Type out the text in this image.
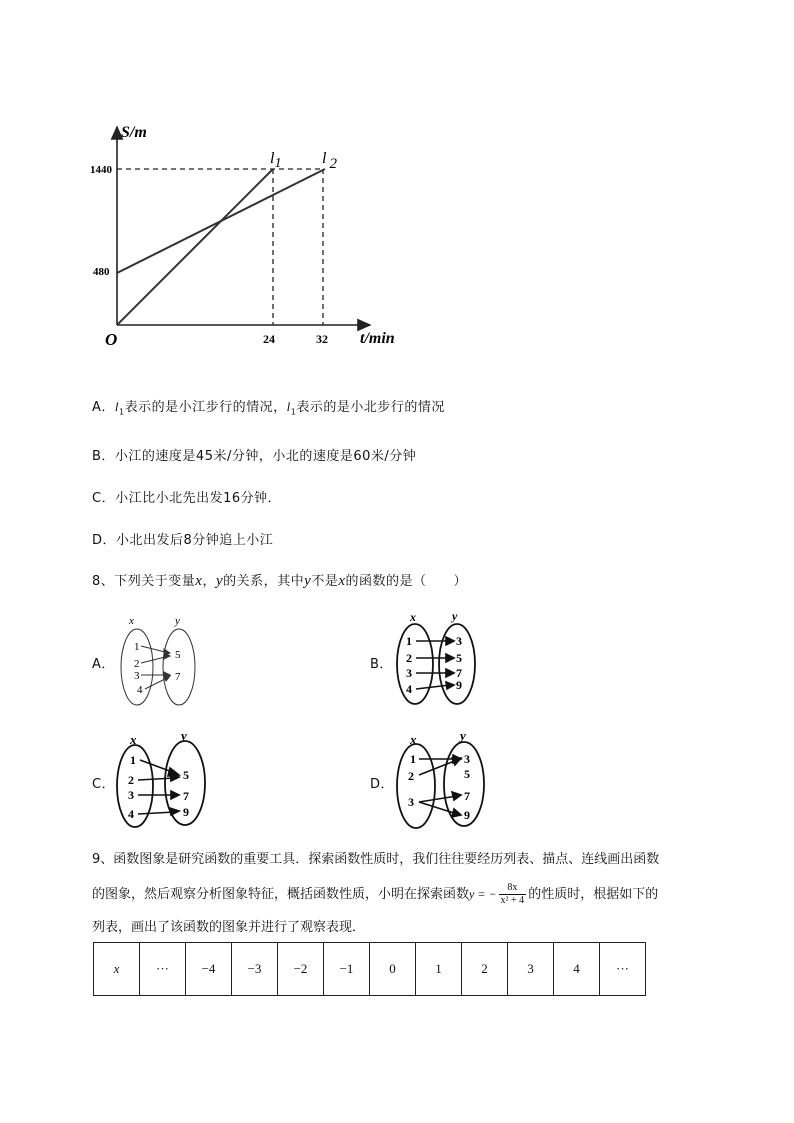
S/m
t/min
O
1440
480
24	32
l1	l 2
A．$l_1$表示的是小江步行的情况，$l_1$表示的是小北步行的情况
B．小江的速度是45米/分钟，小北的速度是60米/分钟
C．小江比小北先出发16分钟．
D．小北出发后8分钟追上小江
8、下列关于变量x，y的关系，其中y不是x的函数的是（　　）
A．	B．
C．	D．
x	y
1
2
3
4
5
7
x	y
1
2
3
4
3
5
7
9
x	y
1
2
3
4
5
7
9
x	y
1
2
3
3
5
7
9
9、函数图象是研究函数的重要工具．探索函数性质时，我们往往要经历列表、描点、连线画出函数
的图象，然后观察分析图象特征，概括函数性质，小明在探索函数y = − $\frac{8x}{\text{x² + 4}}$ 的性质时，根据如下的
列表，画出了该函数的图象并进行了观察表现．
x	···	−4	−3	−2	−1	0	1	2	3	4	···
